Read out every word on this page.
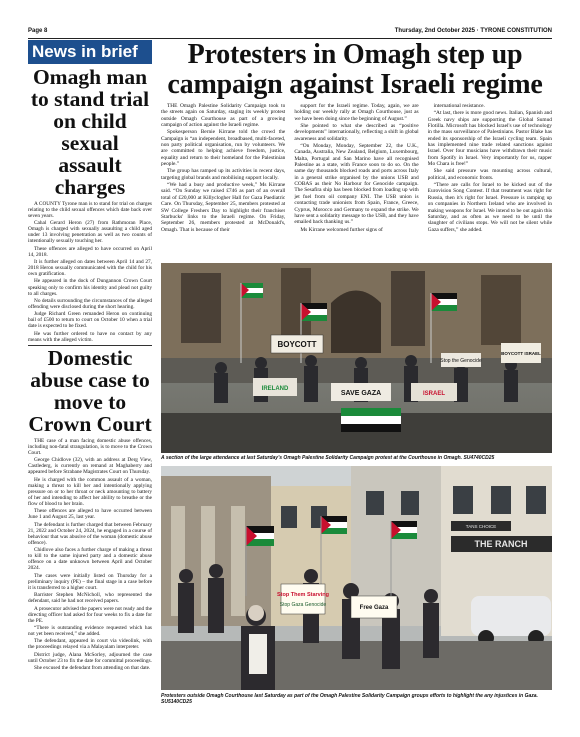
Page 8	Thursday, 2nd October 2025 · TYRONE CONSTITUTION
News in brief
Omagh man to stand trial on child sexual assault charges

A COUNTY Tyrone man is to stand for trial on charges relating to the child sexual offences which date back over seven years.

Cahal Gerard Heron (27) from Rathmoran Place, Omagh is charged with sexually assaulting a child aged under 13 involving penetration as well as two counts of intentionally sexually touching her.

These offences are alleged to have occurred on April 14, 2018.

It is further alleged on dates between April 14 and 27, 2018 Heron sexually communicated with the child for his own gratification.

He appeared in the dock of Dungannon Crown Court speaking only to confirm his identity and plead not guilty to all charges.

No details surrounding the circumstances of the alleged offending were disclosed during the short hearing.

Judge Richard Green remanded Heron on continuing bail of £500 to return to court on October 10 when a trial date is expected to be fixed.

He was further ordered to have no contact by any means with the alleged victim.

Domestic abuse case to move to Crown Court

THE case of a man facing domestic abuse offences, including non-fatal strangulation, is to move to the Crown Court.

George Chidlove (32), with an address at Derg View, Castlederg, is currently on remand at Maghaberry and appeared before Strabane Magistrates Court on Thursday.

He is charged with the common assault of a woman, making a threat to kill her and intentionally applying pressure on or to her throat or neck amounting to battery of her and intending to affect her ability to breathe or the flow of blood to her brain.

These offences are alleged to have occurred between June 1 and August 25, last year.

The defendant is further charged that between February 21, 2022 and October 24, 2024, he engaged in a course of behaviour that was abusive of the woman (domestic abuse offence).

Chidlove also faces a further charge of making a threat to kill to the same injured party and a domestic abuse offence on a date unknown between April and October 2024.

The cases were initially listed on Thursday for a preliminary inquiry (PE) – the final stage in a case before it is transferred to a higher court.

Barrister Stephen McNicholl, who represented the defendant, said he had not received papers.

A prosecutor advised the papers were not ready and the directing officer had asked for four weeks to fix a date for the PE.

“There is outstanding evidence requested which has not yet been received,” she added.

The defendant, appeared in court via videolink, with the proceedings relayed via a Malayalam interpreter.

District judge, Alana McSorley, adjourned the case until October 23 to fix the date for committal proceedings.

She excused the defendant from attending on that date.

Protesters in Omagh step up campaign against Israeli regime

THE Omagh Palestine Solidarity Campaign took to the streets again on Saturday, staging its weekly protest outside Omagh Courthouse as part of a growing campaign of action against the Israeli regime.

Spokesperson Bernie Kirrane told the crowd the Campaign is “an independent, broadbased, multi-faceted, non party political organisation, run by volunteers. We are committed to helping achieve freedom, justice, equality and return to their homeland for the Palestinian people.”

The group has ramped up its activities in recent days, targeting global brands and mobilising support locally.

“We had a busy and productive week,” Ms Kirrane said. “On Sunday we raised £746 as part of an overall total of £20,000 at Killyclogher Hall for Gaza Paediatric Care. On Thursday, September 25, members protested at SW College Freshers Day to highlight their franchiser Starbucks' links to the Israeli regime. On Friday, September 26, members protested at McDonald's, Omagh. That is because of their

support for the Israeli regime. Today, again, we are holding our weekly rally at Omagh Courthouse, just as we have been doing since the beginning of August.”

She pointed to what she described as “positive developments” internationally, reflecting a shift in global awareness and solidarity.

“On Monday, Monday, September 22, the U.K., Canada, Australia, New Zealand, Belgium, Luxembourg, Malta, Portugal and San Marino have all recognised Palestine as a state, with France soon to do so. On the same day thousands blocked roads and ports across Italy in a general strike organised by the unions USB and COBAS as their No Harbour for Genocide campaign. The Sesafira ship has been blocked from loading up with jet fuel from oil company ENI. The USB union is contacting trade unionists from Spain, France, Greece, Cyprus, Morocco and Germany to expand the strike. We have sent a solidarity message to the USB, and they have emailed back thanking us.”

Ms Kirrane welcomed further signs of

international resistance.

“At last, there is more good news. Italian, Spanish and Greek navy ships are supporting the Global Sumud Flotilla. Microsoft has blocked Israel's use of technology in the mass surveillance of Palestinians. Pastor Blake has ended its sponsorship of the Israeli cycling team. Spain has implemented nine trade related sanctions against Israel. Over four musicians have withdrawn their music from Spotify in Israel. Very importantly for us, rapper Mo Chara is free!”

She said pressure was mounting across cultural, political, and economic fronts.

“There are calls for Israel to be kicked out of the Eurovision Song Contest. If that treatment was right for Russia, then it's right for Israel. Pressure is ramping up on companies in Northern Ireland who are involved in making weapons for Israel. We intend to be out again this Saturday, and as often as we need to be until the slaughter of civilians stops. We will not be silent while Gaza suffers,” she added.

BOYCOTT
IRELAND
Stop the Genocide
SAVE GAZA	ISRAEL
BOYCOTT ISRAEL
A section of the large attendance at last Saturday's Omagh Palestine Solidarity Campaign protest at the Courthouse in Omagh. SU4740CD25
THE RANCH
TANS CHOICE
Stop Them Starving
Stop Gaza Genocide	Free Gaza
Protesters outside Omagh Courthouse last Saturday as part of the Omagh Palestine Solidarity Campaign groups efforts to highlight the any injustices in Gaza. SU5140CD25
